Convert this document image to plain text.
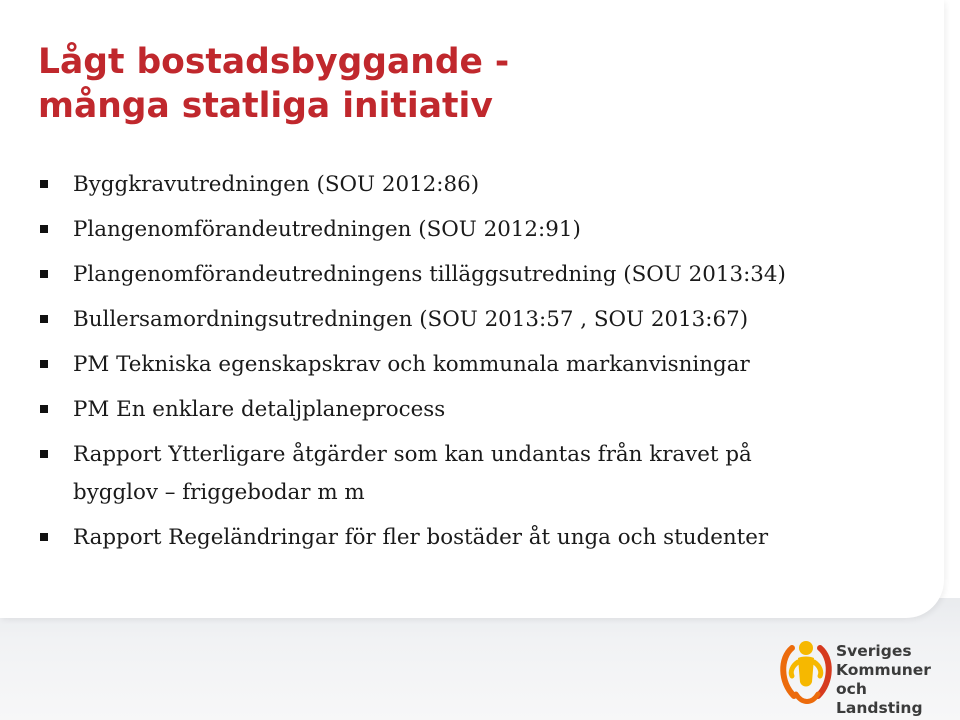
Lågt bostadsbyggande -
många statliga initiativ
Byggkravutredningen (SOU 2012:86)
Plangenomförandeutredningen (SOU 2012:91)
Plangenomförandeutredningens tilläggsutredning (SOU 2013:34)
Bullersamordningsutredningen (SOU 2013:57 , SOU 2013:67)
PM Tekniska egenskapskrav och kommunala markanvisningar
PM En enklare detaljplaneprocess
Rapport Ytterligare åtgärder som kan undantas från kravet på
bygglov – friggebodar m m
Rapport Regeländringar för fler bostäder åt unga och studenter
Sveriges
Kommuner
och Landsting
